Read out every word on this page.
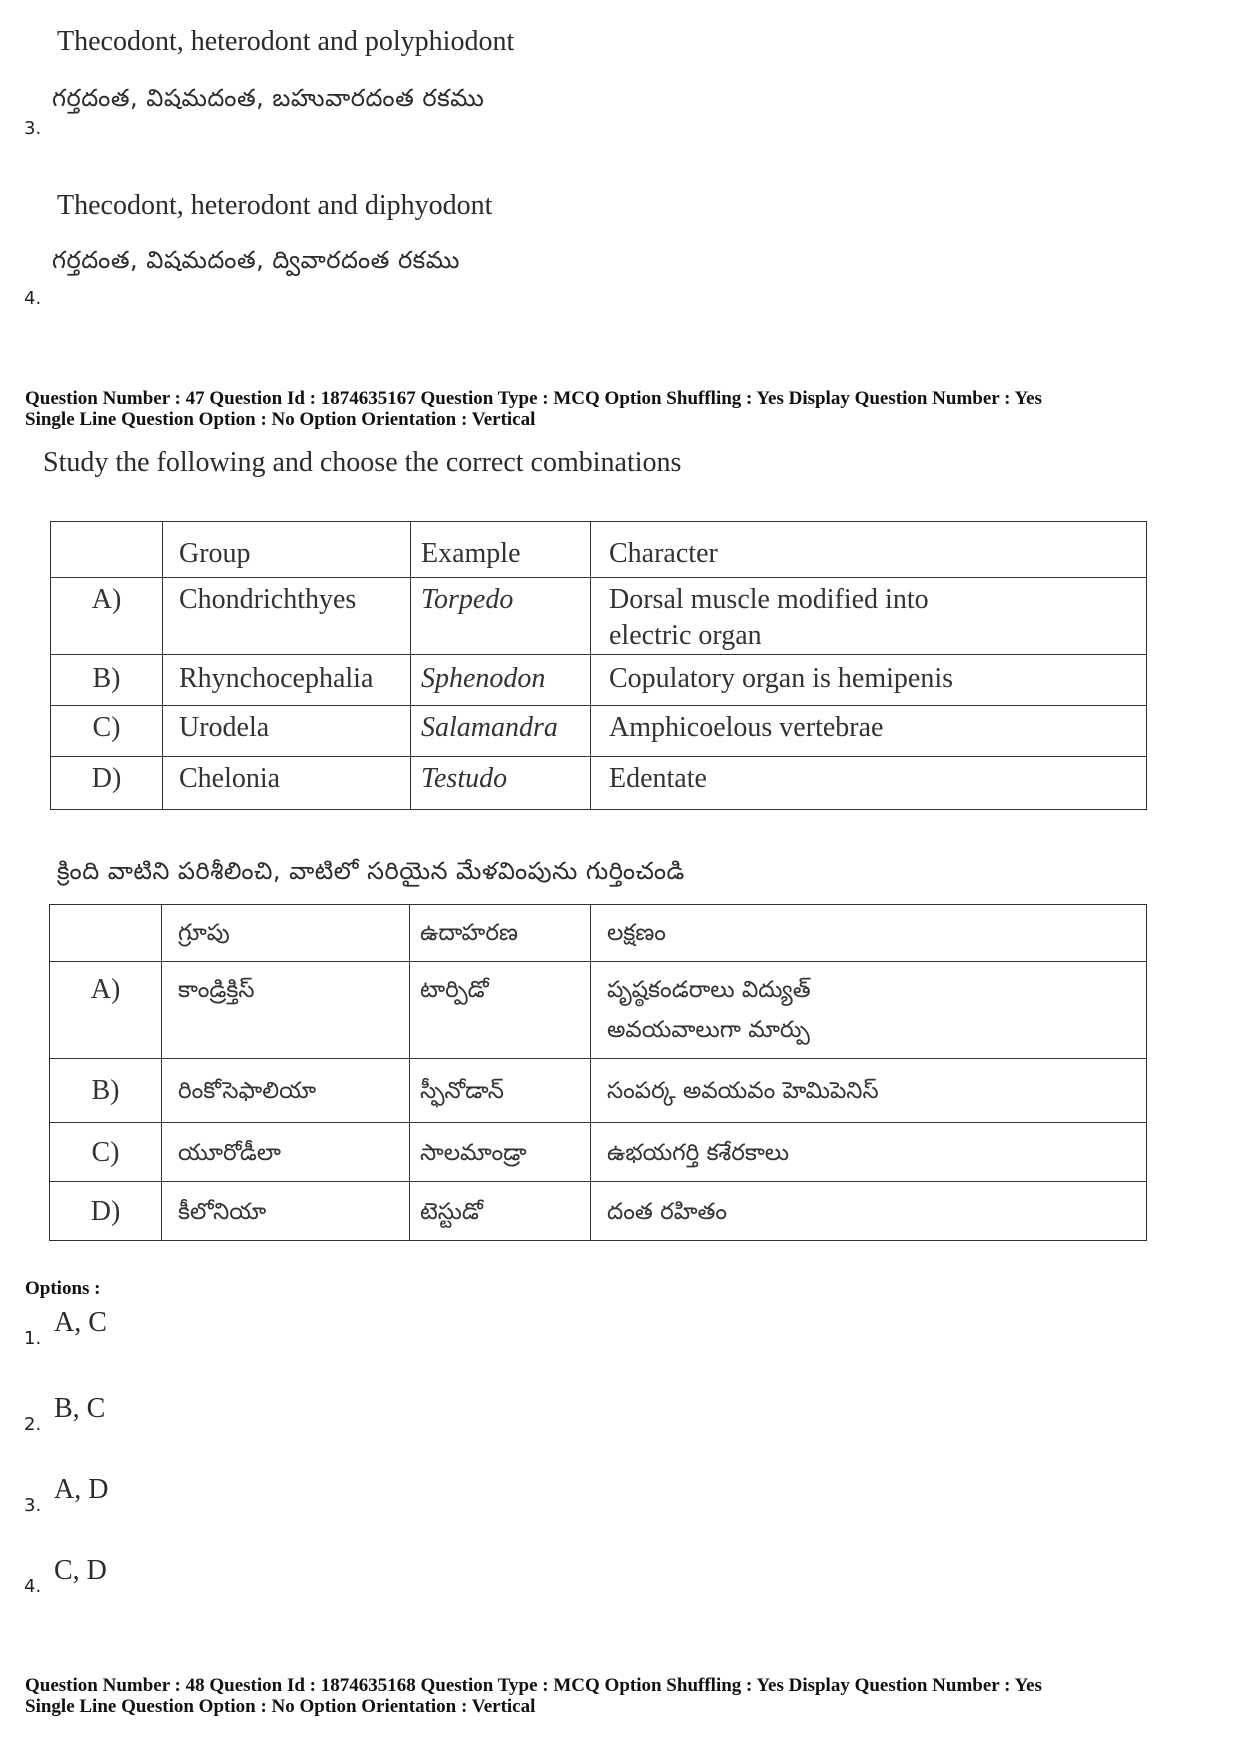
Thecodont, heterodont and polyphiodont
గర్తదంత, విషమదంత, బహువారదంత రకము
3.
Thecodont, heterodont and diphyodont
గర్తదంత, విషమదంత, ద్వివారదంత రకము
4.
Question Number : 47 Question Id : 1874635167 Question Type : MCQ Option Shuffling : Yes Display Question Number : Yes
Single Line Question Option : No Option Orientation : Vertical
Study the following and choose the correct combinations
	Group	Example	Character
A)	Chondrichthyes	Torpedo	Dorsal muscle modified into
electric organ

B)	Rhynchocephalia	Sphenodon	Copulatory organ is hemipenis
C)	Urodela	Salamandra	Amphicoelous vertebrae
D)	Chelonia	Testudo	Edentate
క్రింది వాటిని పరిశీలించి, వాటిలో సరియైన మేళవింపును గుర్తించండి
	గ్రూపు	ఉదాహరణ	లక్షణం
A)	కాండ్రిక్తిస్	టార్పిడో	పృష్ఠకండరాలు విద్యుత్
అవయవాలుగా మార్పు

B)	రింకోసెఫాలియా	స్ఫీనోడాన్	సంపర్క అవయవం హెమిపెనిస్
C)	యూరోడీలా	సాలమాండ్రా	ఉభయగర్తి కశేరకాలు
D)	కీలోనియా	టెస్టుడో	దంత రహితం
Options :
A, C
1.
B, C
2.
A, D
3.
C, D
4.
Question Number : 48 Question Id : 1874635168 Question Type : MCQ Option Shuffling : Yes Display Question Number : Yes
Single Line Question Option : No Option Orientation : Vertical
